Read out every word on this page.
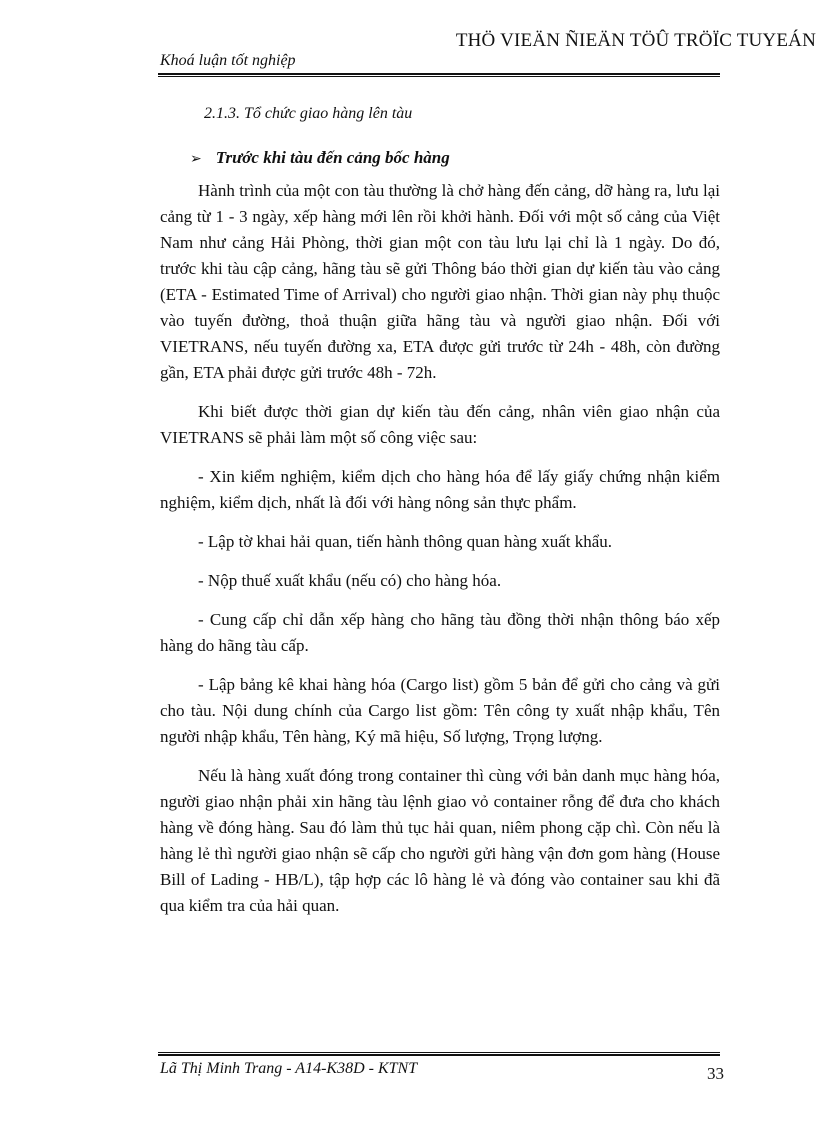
Khoá luận tốt nghiệp
THÖ VIEÄN ÑIEÄN TÖÛ TRÖÏC TUYEÁN
2.1.3. Tổ chức giao hàng lên tàu
➢ Trước khi tàu đến cảng bốc hàng

Hành trình của một con tàu thường là chở hàng đến cảng, dỡ hàng ra, lưu lại cảng từ 1 - 3 ngày, xếp hàng mới lên rồi khởi hành. Đối với một số cảng của Việt Nam như cảng Hải Phòng, thời gian một con tàu lưu lại chỉ là 1 ngày. Do đó, trước khi tàu cập cảng, hãng tàu sẽ gửi Thông báo thời gian dự kiến tàu vào cảng (ETA - Estimated Time of Arrival) cho người giao nhận. Thời gian này phụ thuộc vào tuyến đường, thoả thuận giữa hãng tàu và người giao nhận. Đối với VIETRANS, nếu tuyến đường xa, ETA được gửi trước từ 24h - 48h, còn đường gần, ETA phải được gửi trước 48h - 72h.

Khi biết được thời gian dự kiến tàu đến cảng, nhân viên giao nhận của VIETRANS sẽ phải làm một số công việc sau:

- Xin kiểm nghiệm, kiểm dịch cho hàng hóa để lấy giấy chứng nhận kiểm nghiệm, kiểm dịch, nhất là đối với hàng nông sản thực phẩm.

- Lập tờ khai hải quan, tiến hành thông quan hàng xuất khẩu.

- Nộp thuế xuất khẩu (nếu có) cho hàng hóa.

- Cung cấp chỉ dẫn xếp hàng cho hãng tàu đồng thời nhận thông báo xếp hàng do hãng tàu cấp.

- Lập bảng kê khai hàng hóa (Cargo list) gồm 5 bản để gửi cho cảng và gửi cho tàu. Nội dung chính của Cargo list gồm: Tên công ty xuất nhập khẩu, Tên người nhập khẩu, Tên hàng, Ký mã hiệu, Số lượng, Trọng lượng.

Nếu là hàng xuất đóng trong container thì cùng với bản danh mục hàng hóa, người giao nhận phải xin hãng tàu lệnh giao vỏ container rỗng để đưa cho khách hàng về đóng hàng. Sau đó làm thủ tục hải quan, niêm phong cặp chì. Còn nếu là hàng lẻ thì người giao nhận sẽ cấp cho người gửi hàng vận đơn gom hàng (House Bill of Lading - HB/L), tập hợp các lô hàng lẻ và đóng vào container sau khi đã qua kiểm tra của hải quan.

Lã Thị Minh Trang - A14-K38D - KTNT	33
